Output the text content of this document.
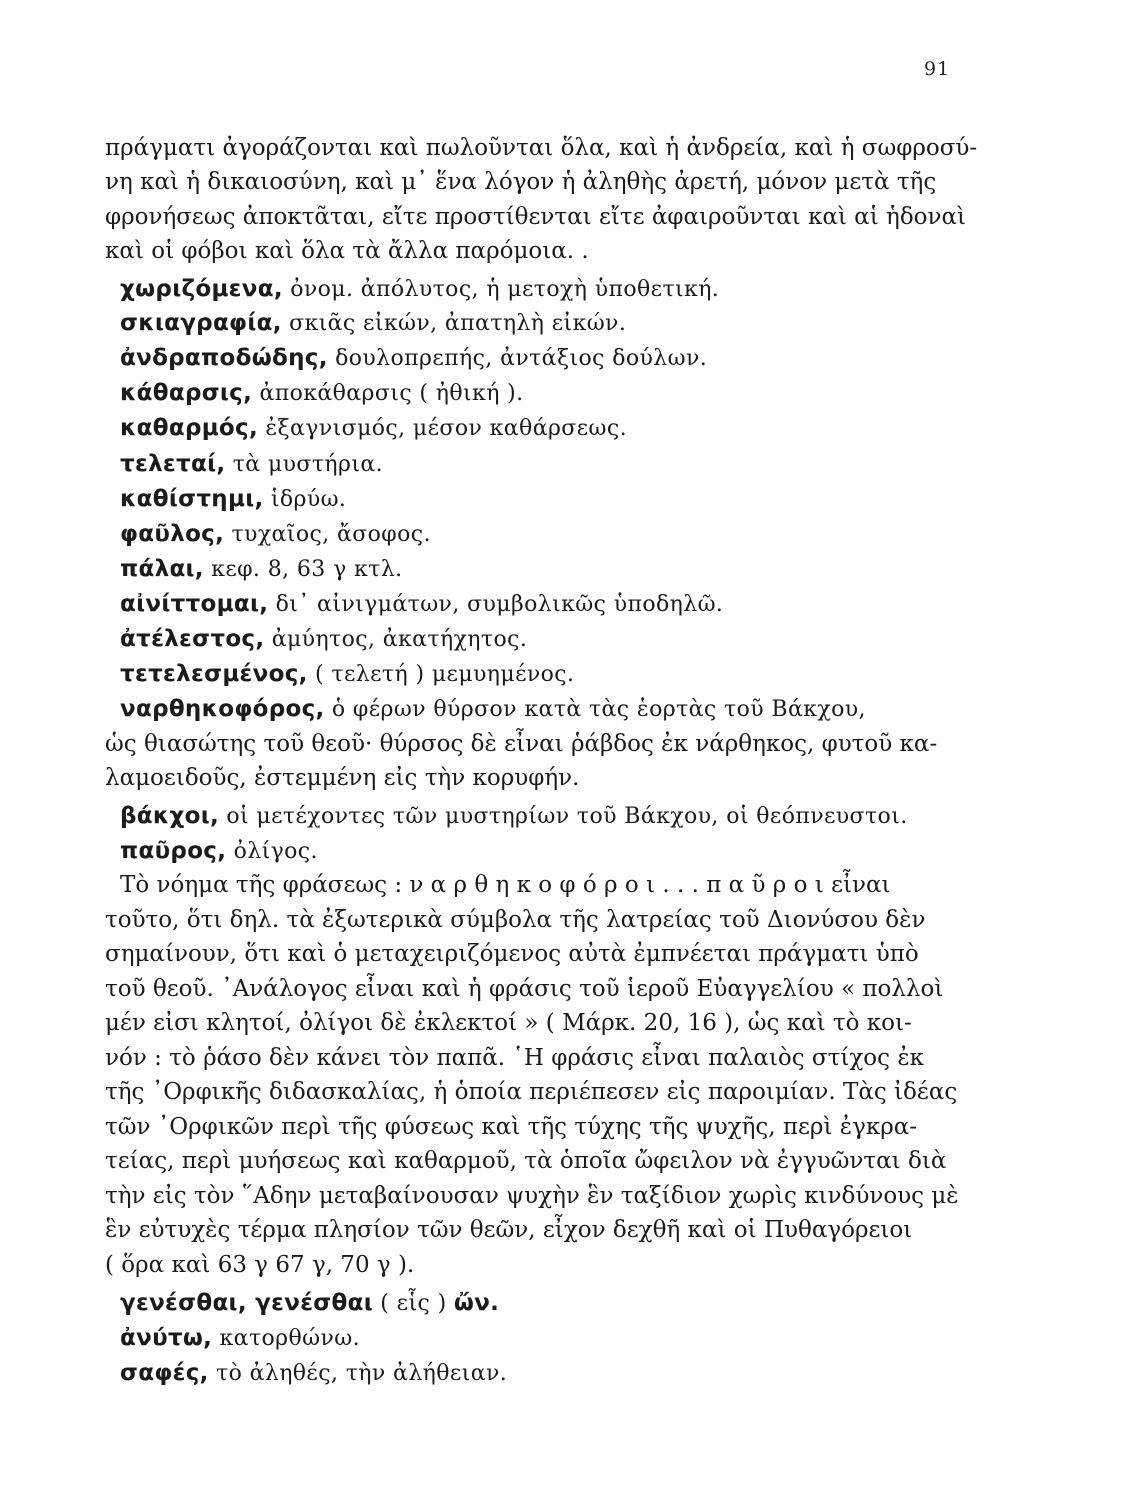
91
πράγματι ἀγοράζονται καὶ πωλοῦνται ὅλα, καὶ ἡ ἀνδρεία, καὶ ἡ σωφροσύ-
νη καὶ ἡ δικαιοσύνη, καὶ μ᾽ ἕνα λόγον ἡ ἀληθὴς ἀρετή, μόνον μετὰ τῆς
φρονήσεως ἀποκτᾶται, εἴτε προστίθενται εἴτε ἀφαιροῦνται καὶ αἱ ἡδοναὶ
καὶ οἱ φόβοι καὶ ὅλα τὰ ἄλλα παρόμοια. .
χωριζόμενα, ὀνομ. ἀπόλυτος, ἡ μετοχὴ ὑποθετική.
σκιαγραφία, σκιᾶς εἰκών, ἀπατηλὴ εἰκών.
ἀνδραποδώδης, δουλοπρεπής, ἀντάξιος δούλων.
κάθαρσις, ἀποκάθαρσις ( ἠθική ).
καθαρμός, ἐξαγνισμός, μέσον καθάρσεως.
τελεταί, τὰ μυστήρια.
καθίστημι, ἱδρύω.
φαῦλος, τυχαῖος, ἄσοφος.
πάλαι, κεφ. 8, 63 γ κτλ.
αἰνίττομαι, δι᾽ αἰνιγμάτων, συμβολικῶς ὑποδηλῶ.
ἀτέλεστος, ἀμύητος, ἀκατήχητος.
τετελεσμένος, ( τελετή ) μεμυημένος.
ναρθηκοφόρος, ὁ φέρων θύρσον κατὰ τὰς ἑορτὰς τοῦ Βάκχου,
ὡς θιασώτης τοῦ θεοῦ· θύρσος δὲ εἶναι ῥάβδος ἐκ νάρθηκος, φυτοῦ κα-
λαμοειδοῦς, ἐστεμμένη εἰς τὴν κορυφήν.
βάκχοι, οἱ μετέχοντες τῶν μυστηρίων τοῦ Βάκχου, οἱ θεόπνευστοι.
παῦρος, ὀλίγος.
Τὸ νόημα τῆς φράσεως : ν α ρ θ η κ ο φ ό ρ ο ι . . . π α ῦ ρ ο ι εἶναι
τοῦτο, ὅτι δηλ. τὰ ἐξωτερικὰ σύμβολα τῆς λατρείας τοῦ Διονύσου δὲν
σημαίνουν, ὅτι καὶ ὁ μεταχειριζόμενος αὐτὰ ἐμπνέεται πράγματι ὑπὸ
τοῦ θεοῦ. ᾿Ανάλογος εἶναι καὶ ἡ φράσις τοῦ ἱεροῦ Εὐαγγελίου « πολλοὶ
μέν εἰσι κλητοί, ὀλίγοι δὲ ἐκλεκτοί » ( Μάρκ. 20, 16 ), ὡς καὶ τὸ κοι-
νόν : τὸ ῥάσο δὲν κάνει τὸν παπᾶ. ῾Η φράσις εἶναι παλαιὸς στίχος ἐκ
τῆς ᾿Ορφικῆς διδασκαλίας, ἡ ὁποία περιέπεσεν εἰς παροιμίαν. Τὰς ἰδέας
τῶν ᾿Ορφικῶν περὶ τῆς φύσεως καὶ τῆς τύχης τῆς ψυχῆς, περὶ ἐγκρα-
τείας, περὶ μυήσεως καὶ καθαρμοῦ, τὰ ὁποῖα ὤφειλον νὰ ἐγγυῶνται διὰ
τὴν εἰς τὸν ῞Αδην μεταβαίνουσαν ψυχὴν ἓν ταξίδιον χωρὶς κινδύνους μὲ
ἓν εὐτυχὲς τέρμα πλησίον τῶν θεῶν, εἶχον δεχθῆ καὶ οἱ Πυθαγόρειοι
( ὅρα καὶ 63 γ 67 γ, 70 γ ).
γενέσθαι, γενέσθαι ( εἷς ) ὤν.
ἀνύτω, κατορθώνω.
σαφές, τὸ ἀληθές, τὴν ἀλήθειαν.
